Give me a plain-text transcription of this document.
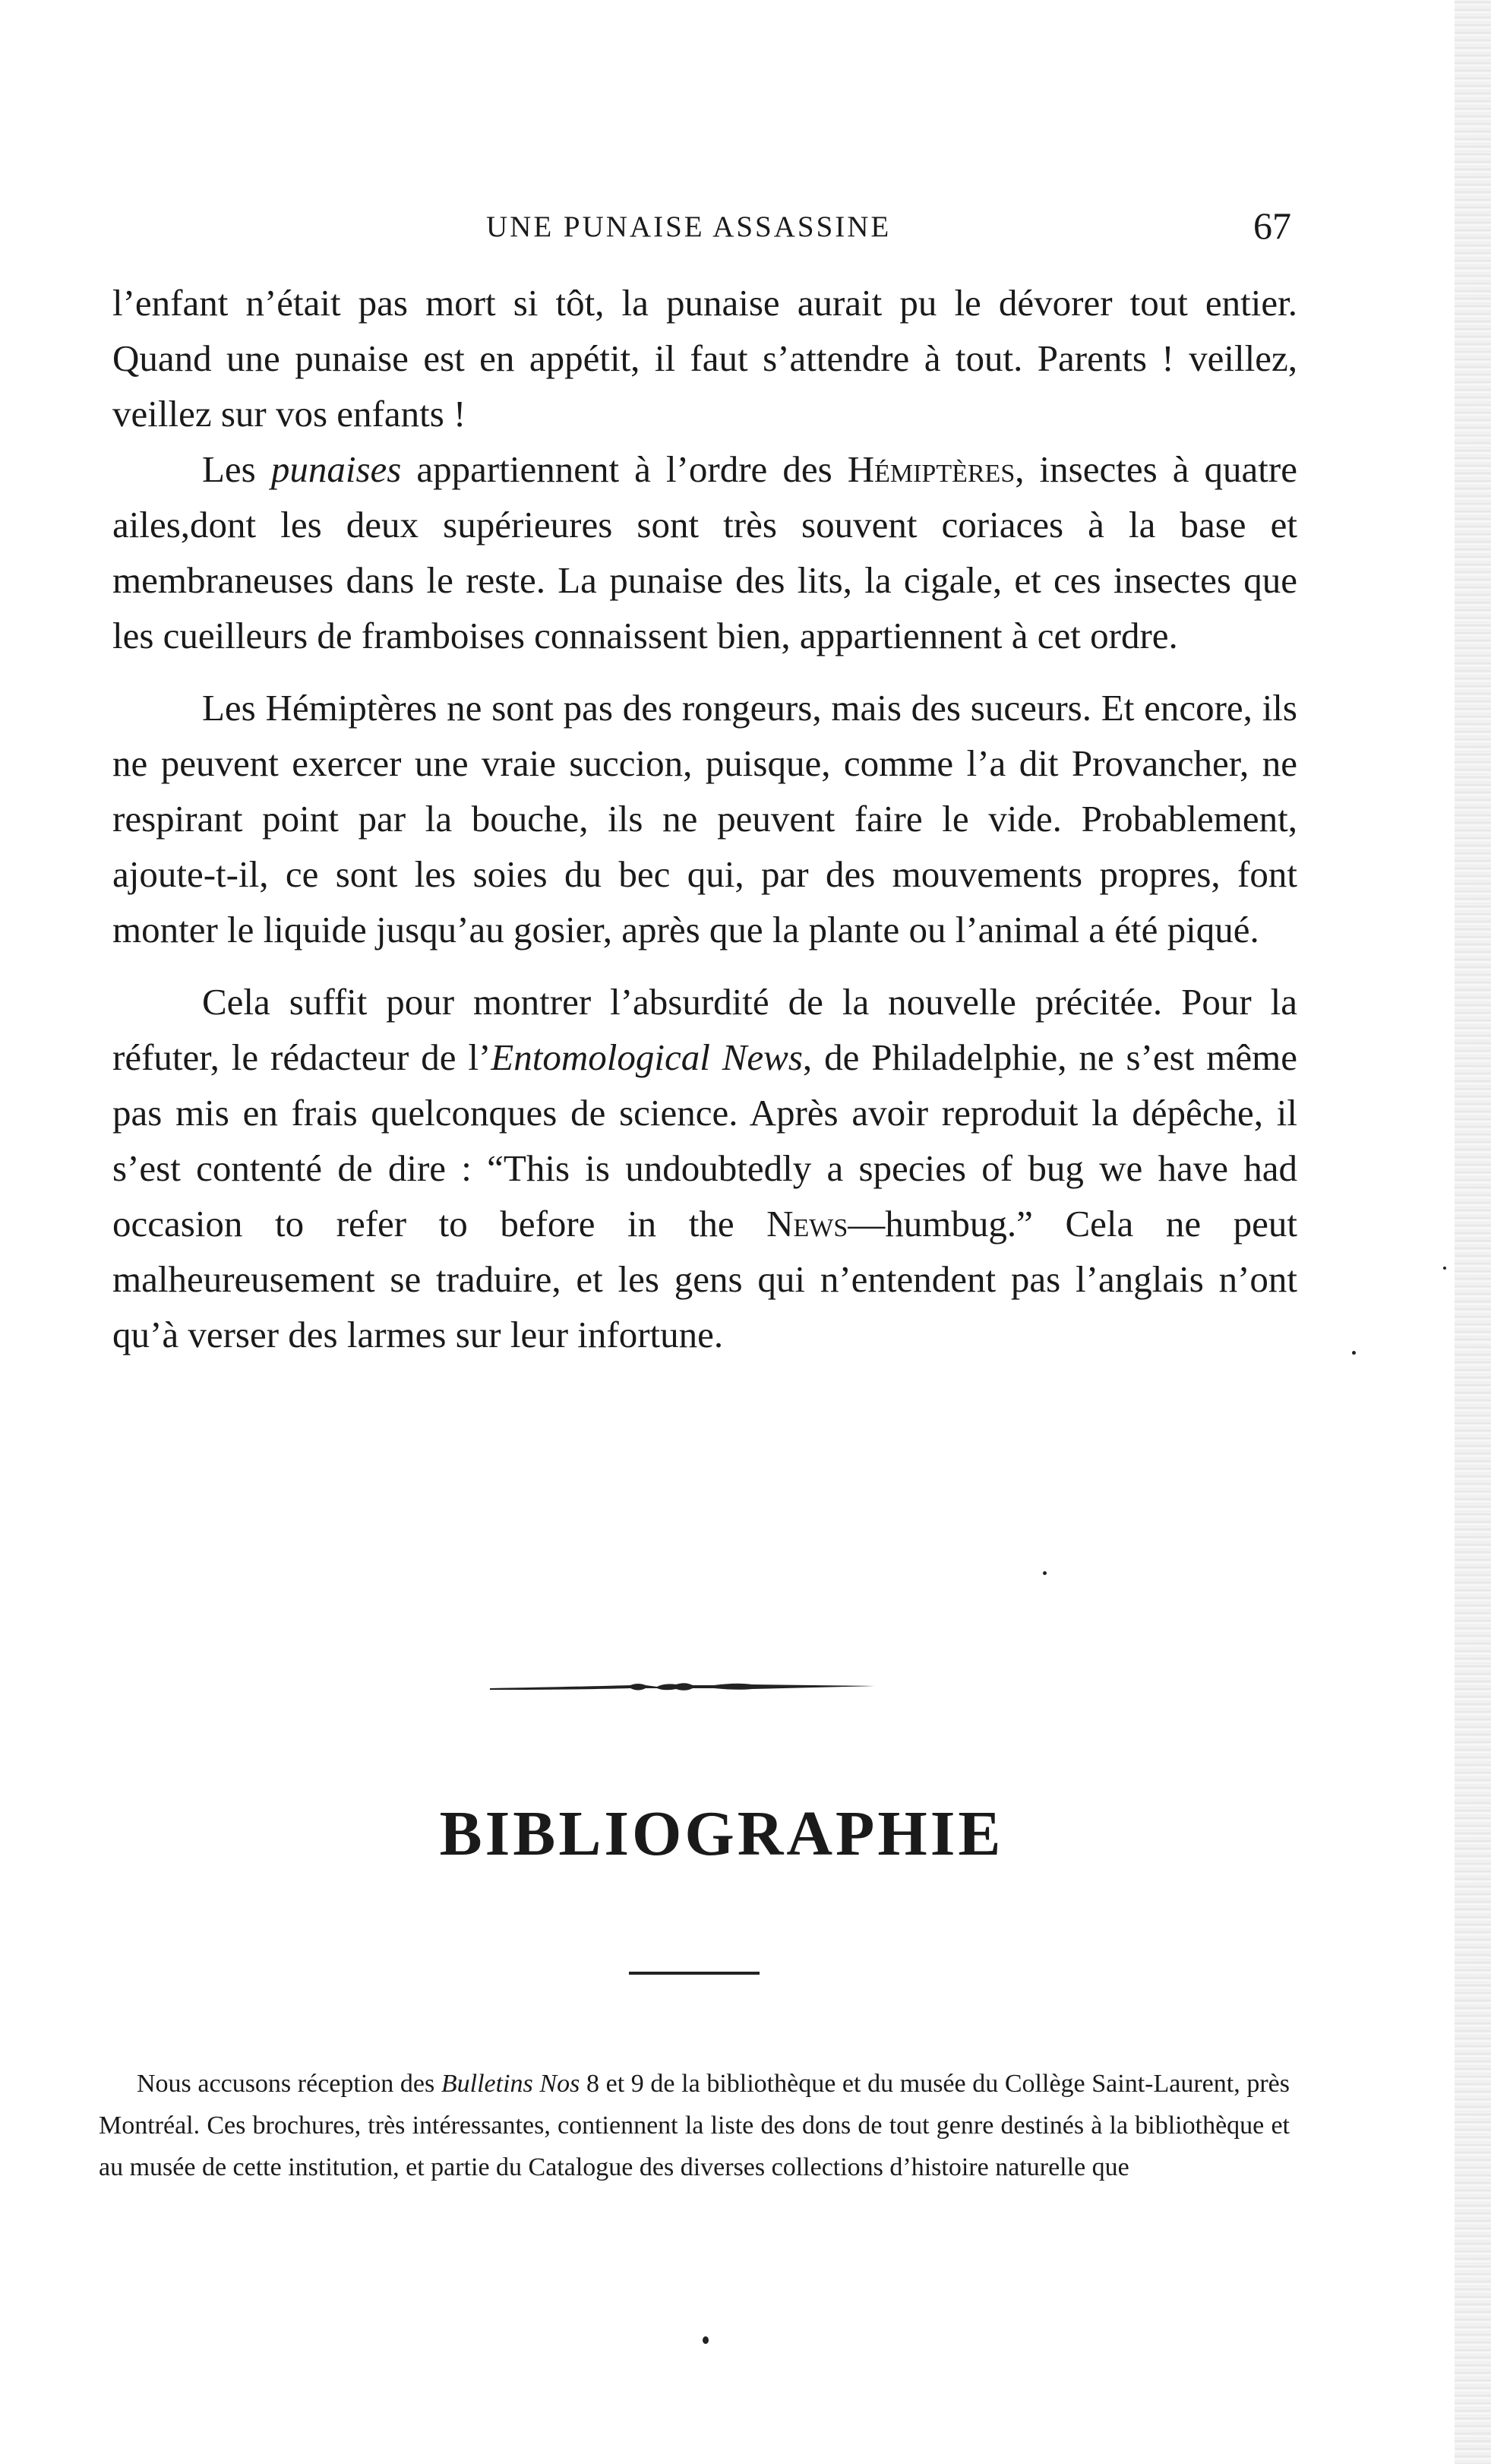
UNE PUNAISE ASSASSINE	67

l’enfant n’était pas mort si tôt, la punaise aurait pu le dévorer tout entier. Quand une punaise est en appétit, il faut s’attendre à tout. Parents ! veillez, veillez sur vos enfants !

Les punaises appartiennent à l’ordre des Hémiptères, insectes à quatre ailes,dont les deux supérieures sont très souvent coriaces à la base et membraneuses dans le reste. La punaise des lits, la cigale, et ces insectes que les cueilleurs de framboises connaissent bien, appartiennent à cet ordre.

Les Hémiptères ne sont pas des rongeurs, mais des suceurs. Et encore, ils ne peuvent exercer une vraie succion, puisque, comme l’a dit Provancher, ne respirant point par la bouche, ils ne peuvent faire le vide. Probablement, ajoute-t-il, ce sont les soies du bec qui, par des mouvements propres, font monter le liquide jusqu’au gosier, après que la plante ou l’animal a été piqué.

Cela suffit pour montrer l’absurdité de la nouvelle précitée. Pour la réfuter, le rédacteur de l’Entomological News, de Philadelphie, ne s’est même pas mis en frais quelconques de science. Après avoir reproduit la dépêche, il s’est contenté de dire : “This is undoubtedly a species of bug we have had occasion to refer to before in the News—humbug.” Cela ne peut malheureusement se traduire, et les gens qui n’entendent pas l’anglais n’ont qu’à verser des larmes sur leur infortune.

BIBLIOGRAPHIE

Nous accusons réception des Bulletins Nos 8 et 9 de la bibliothèque et du musée du Collège Saint-Laurent, près Montréal. Ces brochures, très intéressantes, contiennent la liste des dons de tout genre destinés à la bibliothèque et au musée de cette institution, et partie du Catalogue des diverses collections d’histoire naturelle que
